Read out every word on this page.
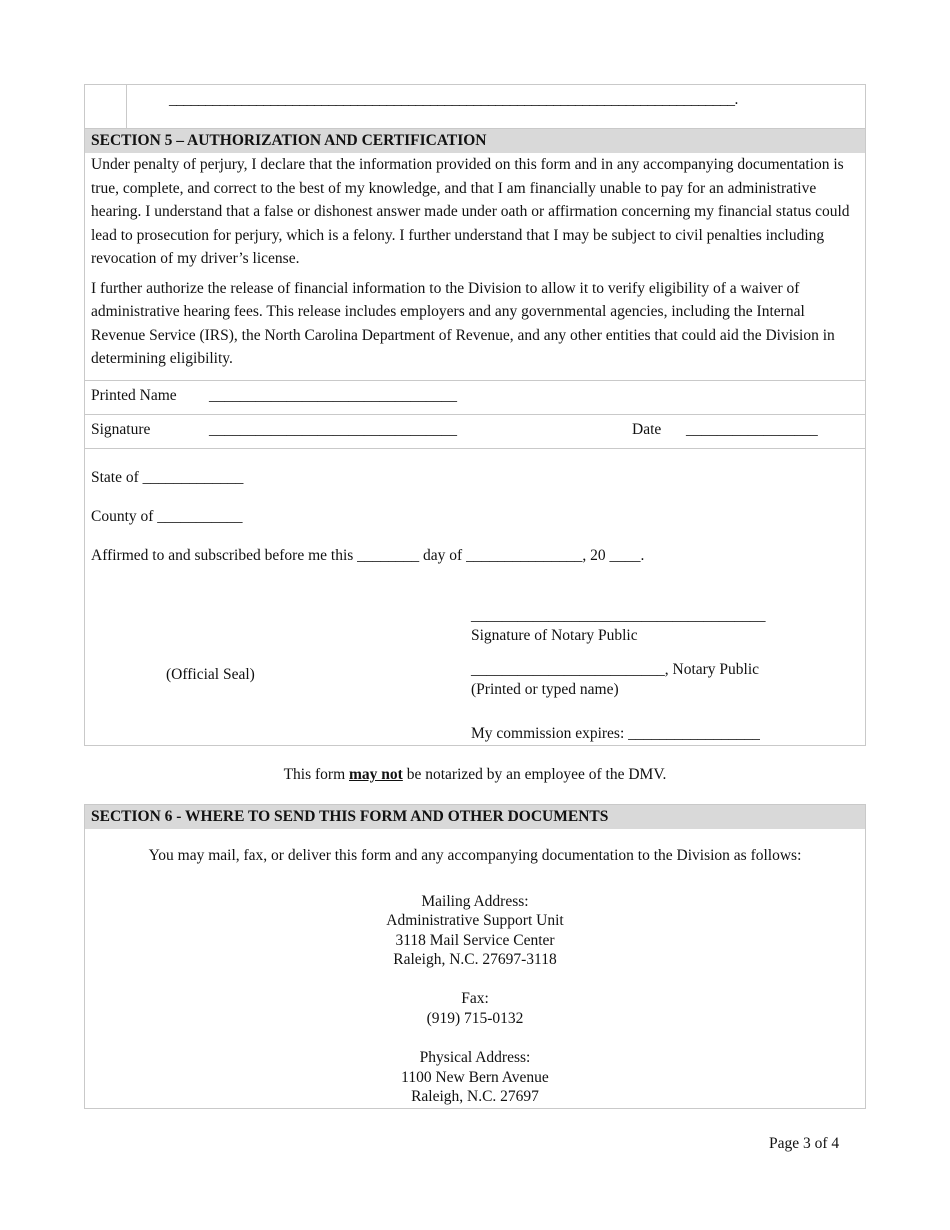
______________________________________________________________________________.
SECTION 5 – AUTHORIZATION AND CERTIFICATION

Under penalty of perjury, I declare that the information provided on this form and in any accompanying documentation is true, complete, and correct to the best of my knowledge, and that I am financially unable to pay for an administrative hearing. I understand that a false or dishonest answer made under oath or affirmation concerning my financial status could lead to prosecution for perjury, which is a felony. I further understand that I may be subject to civil penalties including revocation of my driver’s license.

I further authorize the release of financial information to the Division to allow it to verify eligibility of a waiver of administrative hearing fees. This release includes employers and any governmental agencies, including the Internal Revenue Service (IRS), the North Carolina Department of Revenue, and any other entities that could aid the Division in determining eligibility.

Printed Name ________________________________
Signature	________________________________	Date _________________
State of _____________
County of ___________
Affirmed to and subscribed before me this ________ day of _______________, 20 ____.
______________________________________
Signature of Notary Public
_________________________, Notary Public
(Printed or typed name)
(Official Seal)
My commission expires: _________________
This form may not be notarized by an employee of the DMV.
SECTION 6 - WHERE TO SEND THIS FORM AND OTHER DOCUMENTS
You may mail, fax, or deliver this form and any accompanying documentation to the Division as follows:
Mailing Address:
Administrative Support Unit
3118 Mail Service Center
Raleigh, N.C. 27697-3118
Fax:
(919) 715-0132
Physical Address:
1100 New Bern Avenue
Raleigh, N.C. 27697
Page 3 of 4
